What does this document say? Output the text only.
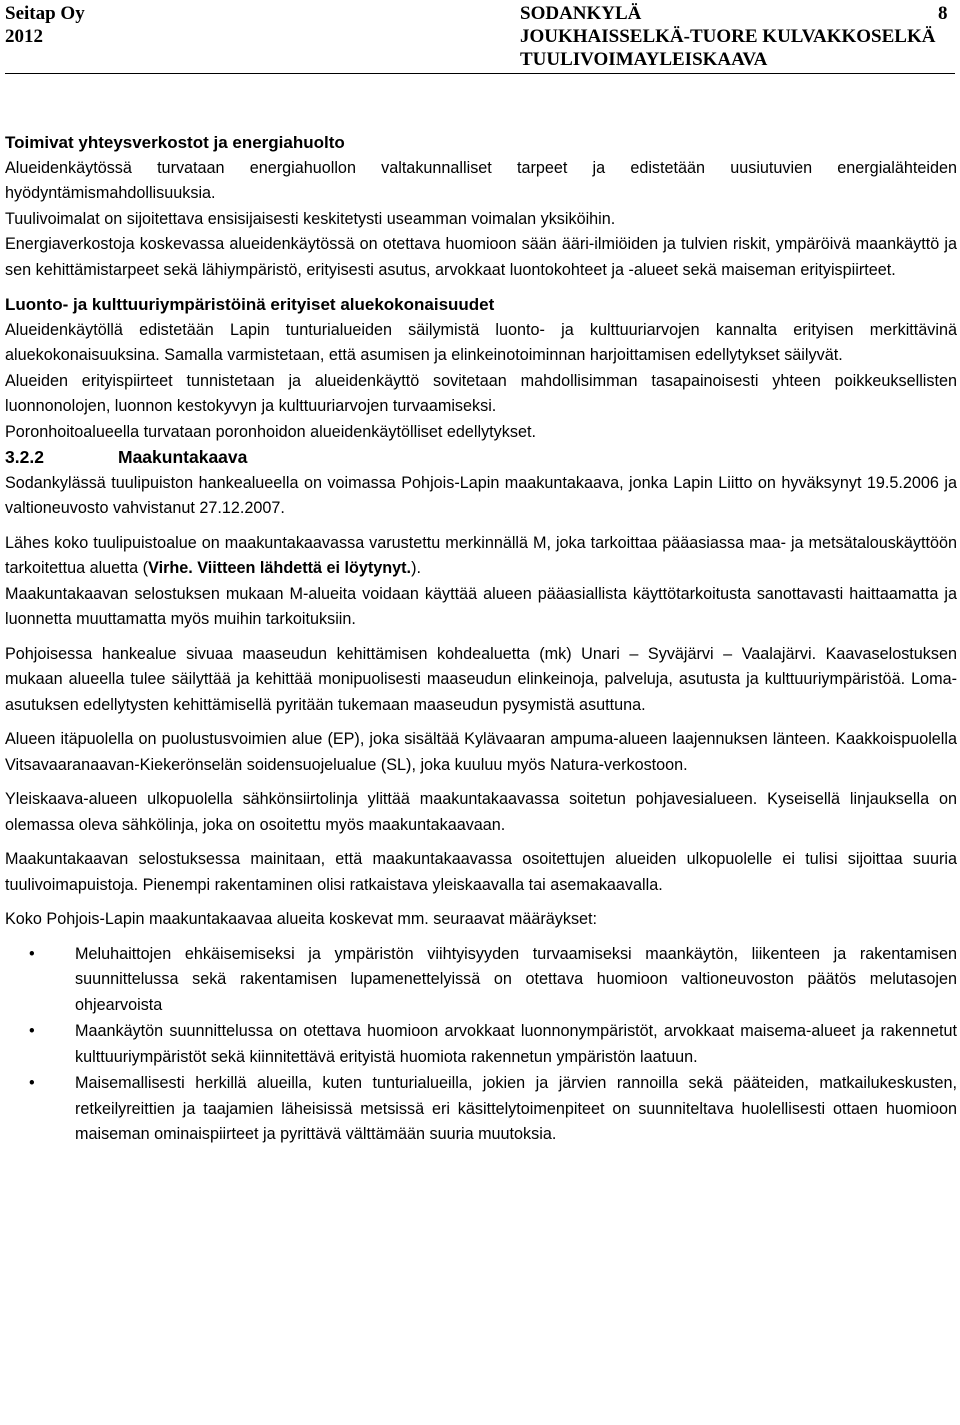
Seitap Oy
2012
SODANKYLÄ
JOUKHAISSELKÄ-TUORE KULVAKKOSELKÄ
TUULIVOIMAYLEISKAAVA
8

Toimivat yhteysverkostot ja energiahuolto

Alueidenkäytössä turvataan energiahuollon valtakunnalliset tarpeet ja edistetään uusiutuvien energialähteiden hyödyntämismahdollisuuksia.

Tuulivoimalat on sijoitettava ensisijaisesti keskitetysti useamman voimalan yksiköihin.

Energiaverkostoja koskevassa alueidenkäytössä on otettava huomioon sään ääri-ilmiöiden ja tulvien riskit, ympäröivä maankäyttö ja sen kehittämistarpeet sekä lähiympäristö, erityisesti asutus, arvokkaat luontokohteet ja -alueet sekä maiseman erityispiirteet.

Luonto- ja kulttuuriympäristöinä erityiset aluekokonaisuudet

Alueidenkäytöllä edistetään Lapin tunturialueiden säilymistä luonto- ja kulttuuriarvojen kannalta erityisen merkittävinä aluekokonaisuuksina. Samalla varmistetaan, että asumisen ja elinkeinotoiminnan harjoittamisen edellytykset säilyvät.

Alueiden erityispiirteet tunnistetaan ja alueidenkäyttö sovitetaan mahdollisimman tasapainoisesti yhteen poikkeuksellisten luonnonolojen, luonnon kestokyvyn ja kulttuuriarvojen turvaamiseksi.

Poronhoitoalueella turvataan poronhoidon alueidenkäytölliset edellytykset.

3.2.2	Maakuntakaava

Sodankylässä tuulipuiston hankealueella on voimassa Pohjois-Lapin maakuntakaava, jonka Lapin Liitto on hyväksynyt 19.5.2006 ja valtioneuvosto vahvistanut 27.12.2007.

Lähes koko tuulipuistoalue on maakuntakaavassa varustettu merkinnällä M, joka tarkoittaa pääasiassa maa- ja metsätalouskäyttöön tarkoitettua aluetta (Virhe. Viitteen lähdettä ei löytynyt.).

Maakuntakaavan selostuksen mukaan M-alueita voidaan käyttää alueen pääasiallista käyttötarkoitusta sanottavasti haittaamatta ja luonnetta muuttamatta myös muihin tarkoituksiin.

Pohjoisessa hankealue sivuaa maaseudun kehittämisen kohdealuetta (mk) Unari – Syväjärvi – Vaalajärvi. Kaavaselostuksen mukaan alueella tulee säilyttää ja kehittää monipuolisesti maaseudun elinkeinoja, palveluja, asutusta ja kulttuuriympäristöä. Loma-asutuksen edellytysten kehittämisellä pyritään tukemaan maaseudun pysymistä asuttuna.

Alueen itäpuolella on puolustusvoimien alue (EP), joka sisältää Kylävaaran ampuma-alueen laajennuksen länteen. Kaakkoispuolella Vitsavaaranaavan-Kiekerönselän soidensuojelualue (SL), joka kuuluu myös Natura-verkostoon.

Yleiskaava-alueen ulkopuolella sähkönsiirtolinja ylittää maakuntakaavassa soitetun pohjavesialueen. Kyseisellä linjauksella on olemassa oleva sähkölinja, joka on osoitettu myös maakuntakaavaan.

Maakuntakaavan selostuksessa mainitaan, että maakuntakaavassa osoitettujen alueiden ulkopuolelle ei tulisi sijoittaa suuria tuulivoimapuistoja. Pienempi rakentaminen olisi ratkaistava yleiskaavalla tai asemakaavalla.

Koko Pohjois-Lapin maakuntakaavaa alueita koskevat mm. seuraavat määräykset:

• Meluhaittojen ehkäisemiseksi ja ympäristön viihtyisyyden turvaamiseksi maankäytön, liikenteen ja rakentamisen suunnittelussa sekä rakentamisen lupamenettelyissä on otettava huomioon valtioneuvoston päätös melutasojen ohjearvoista
• Maankäytön suunnittelussa on otettava huomioon arvokkaat luonnonympäristöt, arvokkaat maisema-alueet ja rakennetut kulttuuriympäristöt sekä kiinnitettävä erityistä huomiota rakennetun ympäristön laatuun.
• Maisemallisesti herkillä alueilla, kuten tunturialueilla, jokien ja järvien rannoilla sekä pääteiden, matkailukeskusten, retkeilyreittien ja taajamien läheisissä metsissä eri käsittelytoimenpiteet on suunniteltava huolellisesti ottaen huomioon maiseman ominaispiirteet ja pyrittävä välttämään suuria muutoksia.
